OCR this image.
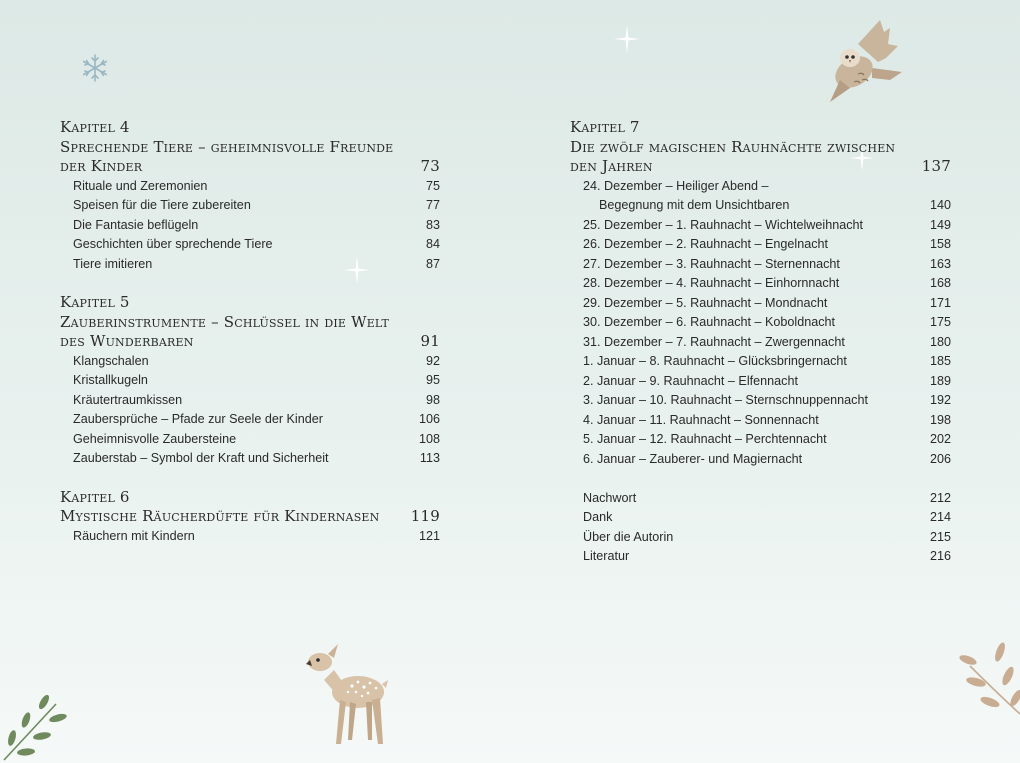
Kapitel 4
Sprechende Tiere – geheimnisvolle Freunde
der Kinder	73
Rituale und Zeremonien	75
Speisen für die Tiere zubereiten	77
Die Fantasie beflügeln	83
Geschichten über sprechende Tiere	84
Tiere imitieren	87
Kapitel 5
Zauberinstrumente – Schlüssel in die Welt
des Wunderbaren	91
Klangschalen	92
Kristallkugeln	95
Kräutertraumkissen	98
Zaubersprüche – Pfade zur Seele der Kinder	106
Geheimnisvolle Zaubersteine	108
Zauberstab – Symbol der Kraft und Sicherheit	113
Kapitel 6
Mystische Räucherdüfte für Kindernasen	119
Räuchern mit Kindern	121
Kapitel 7
Die zwölf magischen Rauhnächte zwischen den Jahren	137
24. Dezember – Heiliger Abend –
Begegnung mit dem Unsichtbaren	140
25. Dezember – 1. Rauhnacht – Wichtelweihnacht	149
26. Dezember – 2. Rauhnacht – Engelnacht	158
27. Dezember – 3. Rauhnacht – Sternennacht	163
28. Dezember – 4. Rauhnacht – Einhornnacht	168
29. Dezember – 5. Rauhnacht – Mondnacht	171
30. Dezember – 6. Rauhnacht – Koboldnacht	175
31. Dezember – 7. Rauhnacht – Zwergennacht	180
1. Januar – 8. Rauhnacht – Glücksbringernacht	185
2. Januar – 9. Rauhnacht – Elfennacht	189
3. Januar – 10. Rauhnacht – Sternschnuppennacht	192
4. Januar – 11. Rauhnacht – Sonnennacht	198
5. Januar – 12. Rauhnacht – Perchtennacht	202
6. Januar – Zauberer- und Magiernacht	206
Nachwort	212
Dank	214
Über die Autorin	215
Literatur	216
